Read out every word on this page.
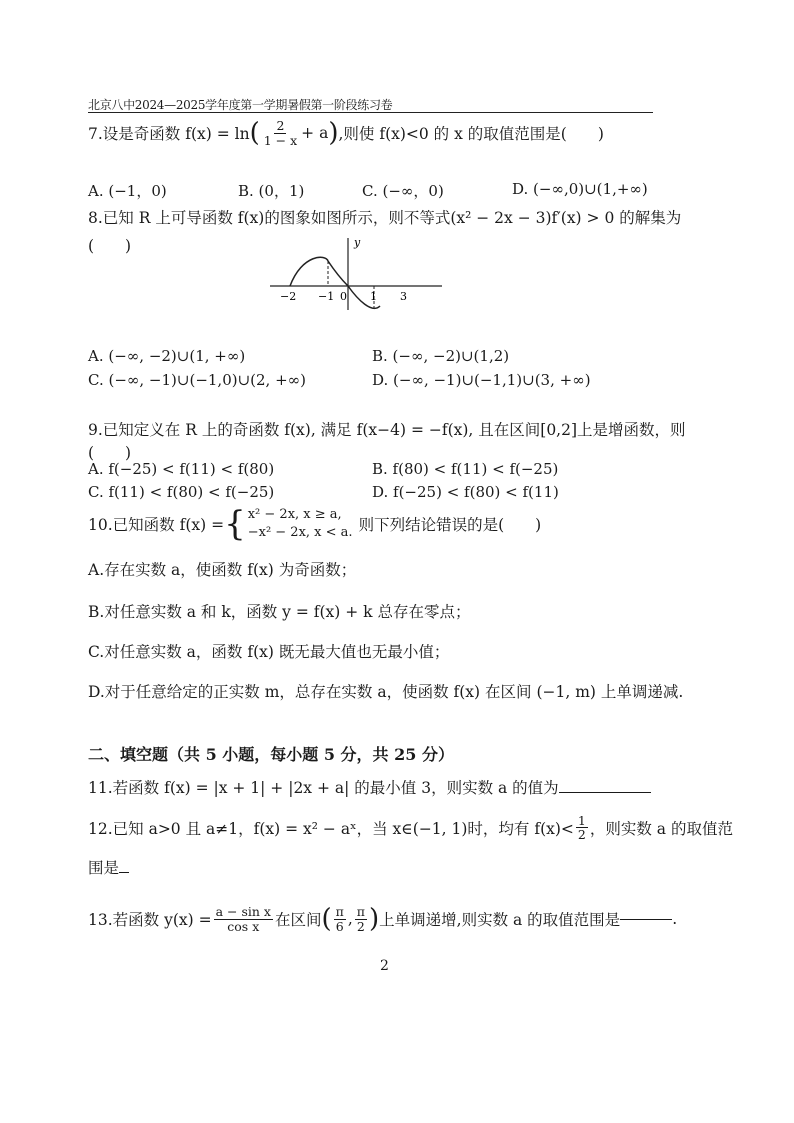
北京八中2024—2025学年度第一学期暑假第一阶段练习卷
7.设是奇函数 f(x) = ln ( $\frac{2}{1 - x} + a$ ) ,则使 f(x)<0 的 x 的取值范围是(　　)
A. (−1，0)	B. (0，1)	C. (−∞，0)	D. (−∞,0)∪(1,+∞)
8.已知 R 上可导函数 f(x)的图象如图所示，则不等式(x² − 2x − 3)f′(x) > 0 的解集为
(　　)	y
−2 −1 0 1 3
A. (−∞, −2)∪(1, +∞)	B. (−∞, −2)∪(1,2)
C. (−∞, −1)∪(−1,0)∪(2, +∞)	D. (−∞, −1)∪(−1,1)∪(3, +∞)
9.已知定义在 R 上的奇函数 f(x), 满足 f(x−4) = −f(x), 且在区间[0,2]上是增函数，则
(　　)
A. f(−25) < f(11) < f(80)	B. f(80) < f(11) < f(−25)
C. f(11) < f(80) < f(−25)	D. f(−25) < f(80) < f(11)
10.已知函数 f(x) = { x² − 2x, x ≥ a,
−x² − 2x, x < a. 则下列结论错误的是(　　)
A.存在实数 a，使函数 f(x) 为奇函数；
B.对任意实数 a 和 k，函数 y = f(x) + k 总存在零点；
C.对任意实数 a，函数 f(x) 既无最大值也无最小值；
D.对于任意给定的正实数 m，总存在实数 a，使函数 f(x) 在区间 (−1, m) 上单调递减.
二、填空题（共 5 小题，每小题 5 分，共 25 分）
11.若函数 f(x) = |x + 1| + |2x + a| 的最小值 3，则实数 a 的值为
12.已知 a>0 且 a≠1，f(x) = x² − aˣ，当 x∈(−1, 1)时，均有 $f(x)< \frac{1}{2}$ ，则实数 a 的取值范
围是
13.若函数 $y(x) = \frac{\text{a − sin x}}{\text{cos x}}$ 在区间 ( $\frac{\pi}{6}$ , $\frac{\pi}{2}$ ) 上单调递增,则实数 a 的取值范围是	.
2
